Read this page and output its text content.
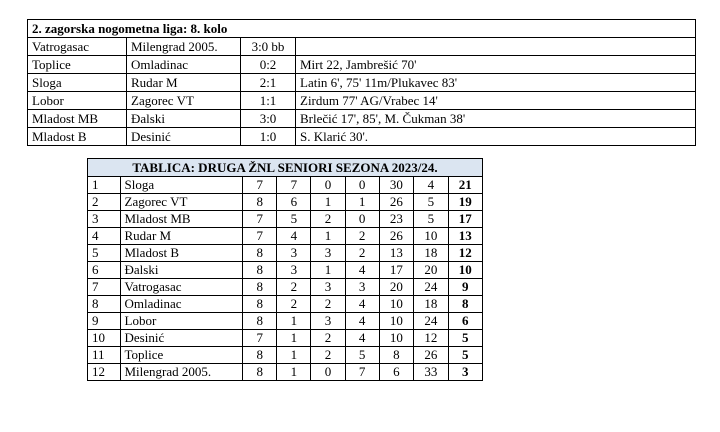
2. zagorska nogometna liga: 8. kolo			
Vatrogasac	Milengrad 2005.	3:0 bb	
Toplice	Omladinac	0:2	Mirt 22, Jambrešić 70'
Sloga	Rudar M	2:1	Latin 6', 75' 11m/Plukavec 83'
Lobor	Zagorec VT	1:1	Zirdum 77' AG/Vrabec 14'
Mladost MB	Đalski	3:0	Brlečić 17', 85', M. Čukman 38'
Mladost B	Desinić	1:0	S. Klarić 30'.
TABLICA: DRUGA ŽNL SENIORI SEZONA 2023/24.								
1	Sloga	7	7	0	0	30	4	21
2	Zagorec VT	8	6	1	1	26	5	19
3	Mladost MB	7	5	2	0	23	5	17
4	Rudar M	7	4	1	2	26	10	13
5	Mladost B	8	3	3	2	13	18	12
6	Đalski	8	3	1	4	17	20	10
7	Vatrogasac	8	2	3	3	20	24	9
8	Omladinac	8	2	2	4	10	18	8
9	Lobor	8	1	3	4	10	24	6
10	Desinić	7	1	2	4	10	12	5
11	Toplice	8	1	2	5	8	26	5
12	Milengrad 2005.	8	1	0	7	6	33	3
